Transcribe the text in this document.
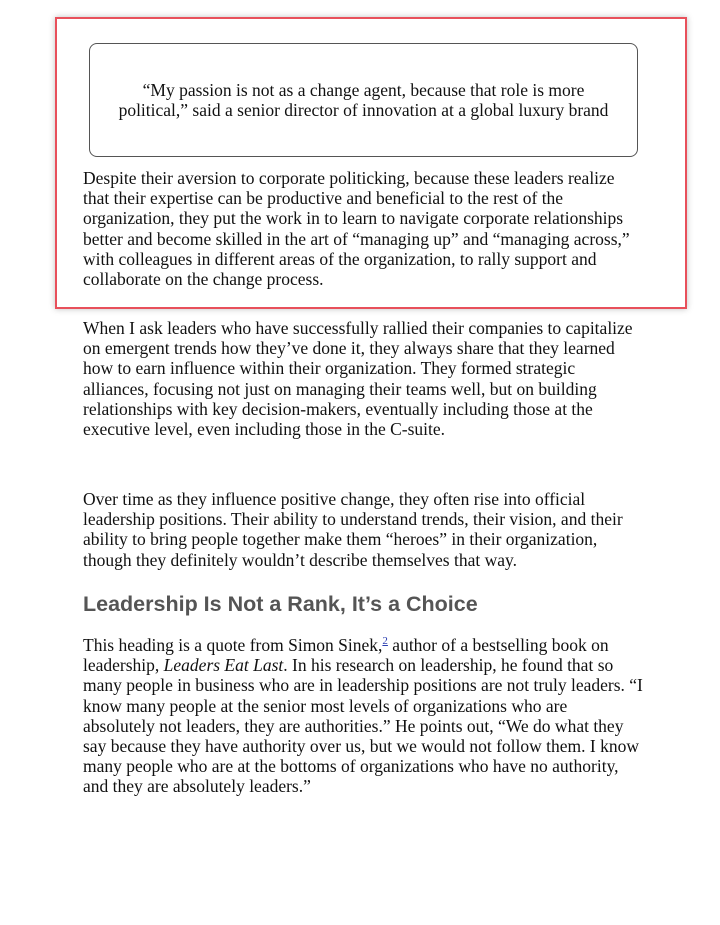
“My passion is not as a change agent, because that role is more political,” said a senior director of innovation at a global luxury brand

Despite their aversion to corporate politicking, because these leaders realize that their expertise can be productive and beneficial to the rest of the organization, they put the work in to learn to navigate corporate relationships better and become skilled in the art of “managing up” and “managing across,” with colleagues in different areas of the organization, to rally support and collaborate on the change process.

When I ask leaders who have successfully rallied their companies to capitalize on emergent trends how they’ve done it, they always share that they learned how to earn influence within their organization. They formed strategic alliances, focusing not just on managing their teams well, but on building relationships with key decision-makers, eventually including those at the executive level, even including those in the C-suite.

Over time as they influence positive change, they often rise into official leadership positions. Their ability to understand trends, their vision, and their ability to bring people together make them “heroes” in their organization, though they definitely wouldn’t describe themselves that way.

Leadership Is Not a Rank, It’s a Choice

This heading is a quote from Simon Sinek,$^2$ author of a bestselling book on leadership, Leaders Eat Last. In his research on leadership, he found that so many people in business who are in leadership positions are not truly leaders. “I know many people at the senior most levels of organizations who are absolutely not leaders, they are authorities.” He points out, “We do what they say because they have authority over us, but we would not follow them. I know many people who are at the bottoms of organizations who have no authority, and they are absolutely leaders.”
